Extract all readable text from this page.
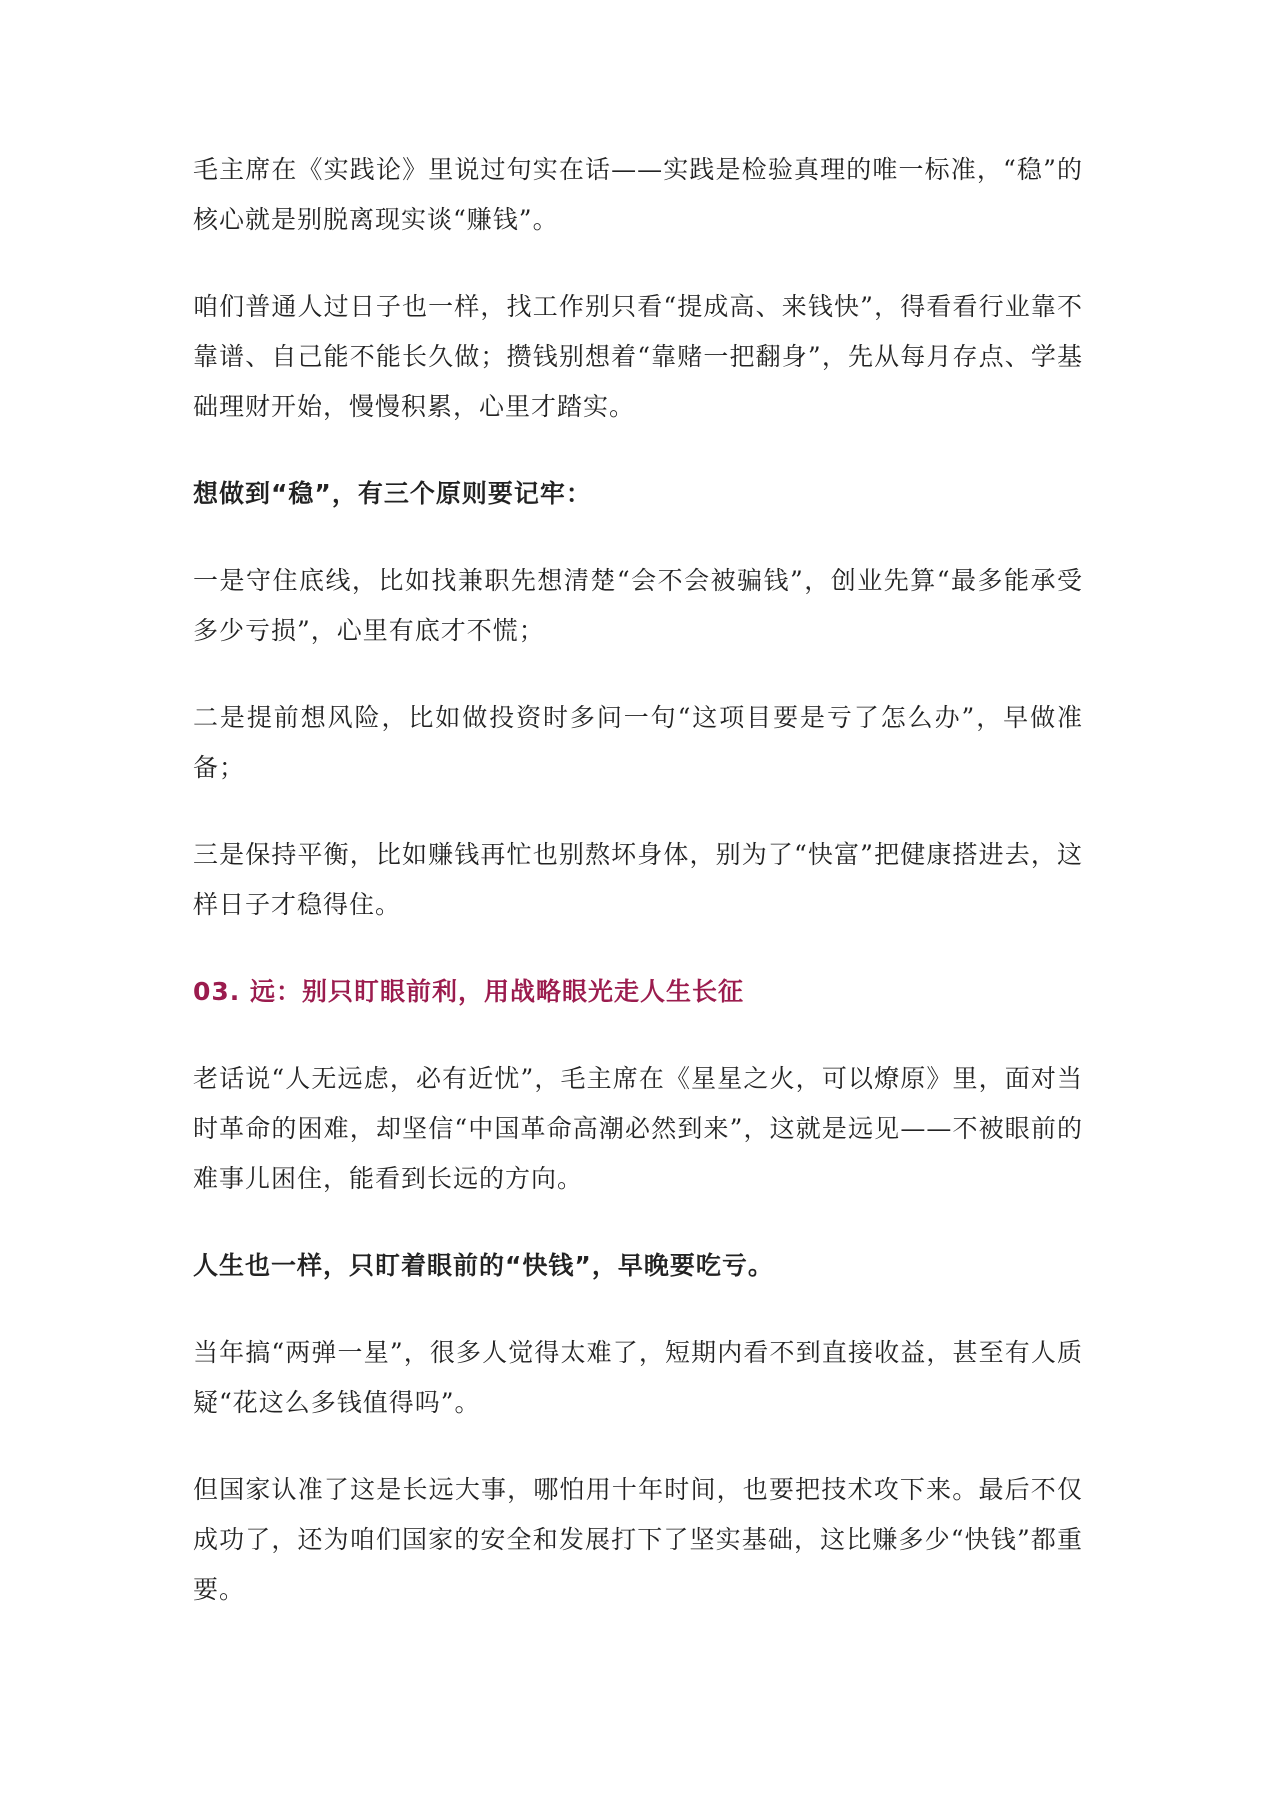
毛主席在《实践论》里说过句实在话——实践是检验真理的唯一标准，“稳”的核心就是别脱离现实谈“赚钱”。

咱们普通人过日子也一样，找工作别只看“提成高、来钱快”，得看看行业靠不靠谱、自己能不能长久做；攒钱别想着“靠赌一把翻身”，先从每月存点、学基础理财开始，慢慢积累，心里才踏实。

想做到“稳”，有三个原则要记牢：

一是守住底线，比如找兼职先想清楚“会不会被骗钱”，创业先算“最多能承受多少亏损”，心里有底才不慌；

二是提前想风险，比如做投资时多问一句“这项目要是亏了怎么办”，早做准备；

三是保持平衡，比如赚钱再忙也别熬坏身体，别为了“快富”把健康搭进去，这样日子才稳得住。

03. 远：别只盯眼前利，用战略眼光走人生长征

老话说“人无远虑，必有近忧”，毛主席在《星星之火，可以燎原》里，面对当时革命的困难，却坚信“中国革命高潮必然到来”，这就是远见——不被眼前的难事儿困住，能看到长远的方向。

人生也一样，只盯着眼前的“快钱”，早晚要吃亏。

当年搞“两弹一星”，很多人觉得太难了，短期内看不到直接收益，甚至有人质疑“花这么多钱值得吗”。

但国家认准了这是长远大事，哪怕用十年时间，也要把技术攻下来。最后不仅成功了，还为咱们国家的安全和发展打下了坚实基础，这比赚多少“快钱”都重要。
